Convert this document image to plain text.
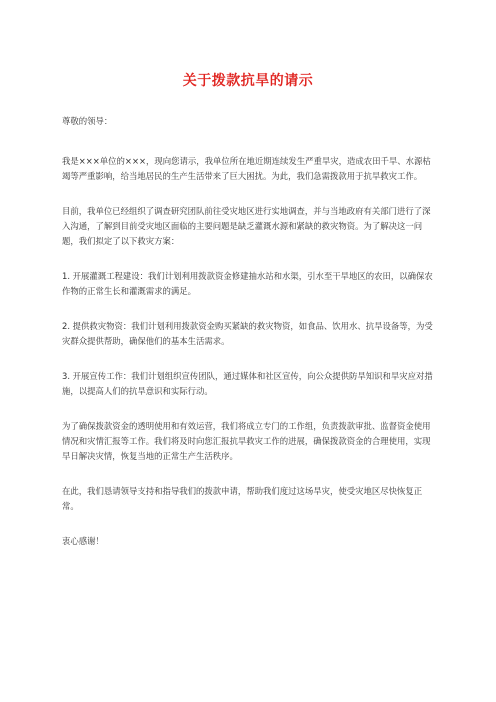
关于拨款抗旱的请示

尊敬的领导：

我是×××单位的×××，现向您请示，我单位所在地近期连续发生严重旱灾，造成农田千旱、水源枯竭等严重影响，给当地居民的生产生活带来了巨大困扰。为此，我们急需拨款用于抗旱救灾工作。

目前，我单位已经组织了调查研究团队前往受灾地区进行实地调查，并与当地政府有关部门进行了深入沟通，了解到目前受灾地区面临的主要问题是缺乏灌溉水源和紧缺的救灾物资。为了解决这一问题，我们拟定了以下救灾方案：

1. 开展灌溉工程建设：我们计划利用拨款资金修建抽水站和水渠，引水至干旱地区的农田，以确保农作物的正常生长和灌溉需求的满足。

2. 提供救灾物资：我们计划利用拨款资金购买紧缺的救灾物资，如食品、饮用水、抗旱设备等，为受灾群众提供帮助，确保他们的基本生活需求。

3. 开展宣传工作：我们计划组织宣传团队，通过媒体和社区宣传，向公众提供防旱知识和旱灾应对措施，以提高人们的抗旱意识和实际行动。

为了确保拨款资金的透明使用和有效运营，我们将成立专门的工作组，负责拨款审批、监督资金使用情况和灾情汇报等工作。我们将及时向您汇报抗旱救灾工作的进展，确保拨款资金的合理使用，实现早日解决灾情，恢复当地的正常生产生活秩序。

在此，我们恳请领导支持和指导我们的拨款申请，帮助我们度过这场旱灾，使受灾地区尽快恢复正常。

衷心感谢！
